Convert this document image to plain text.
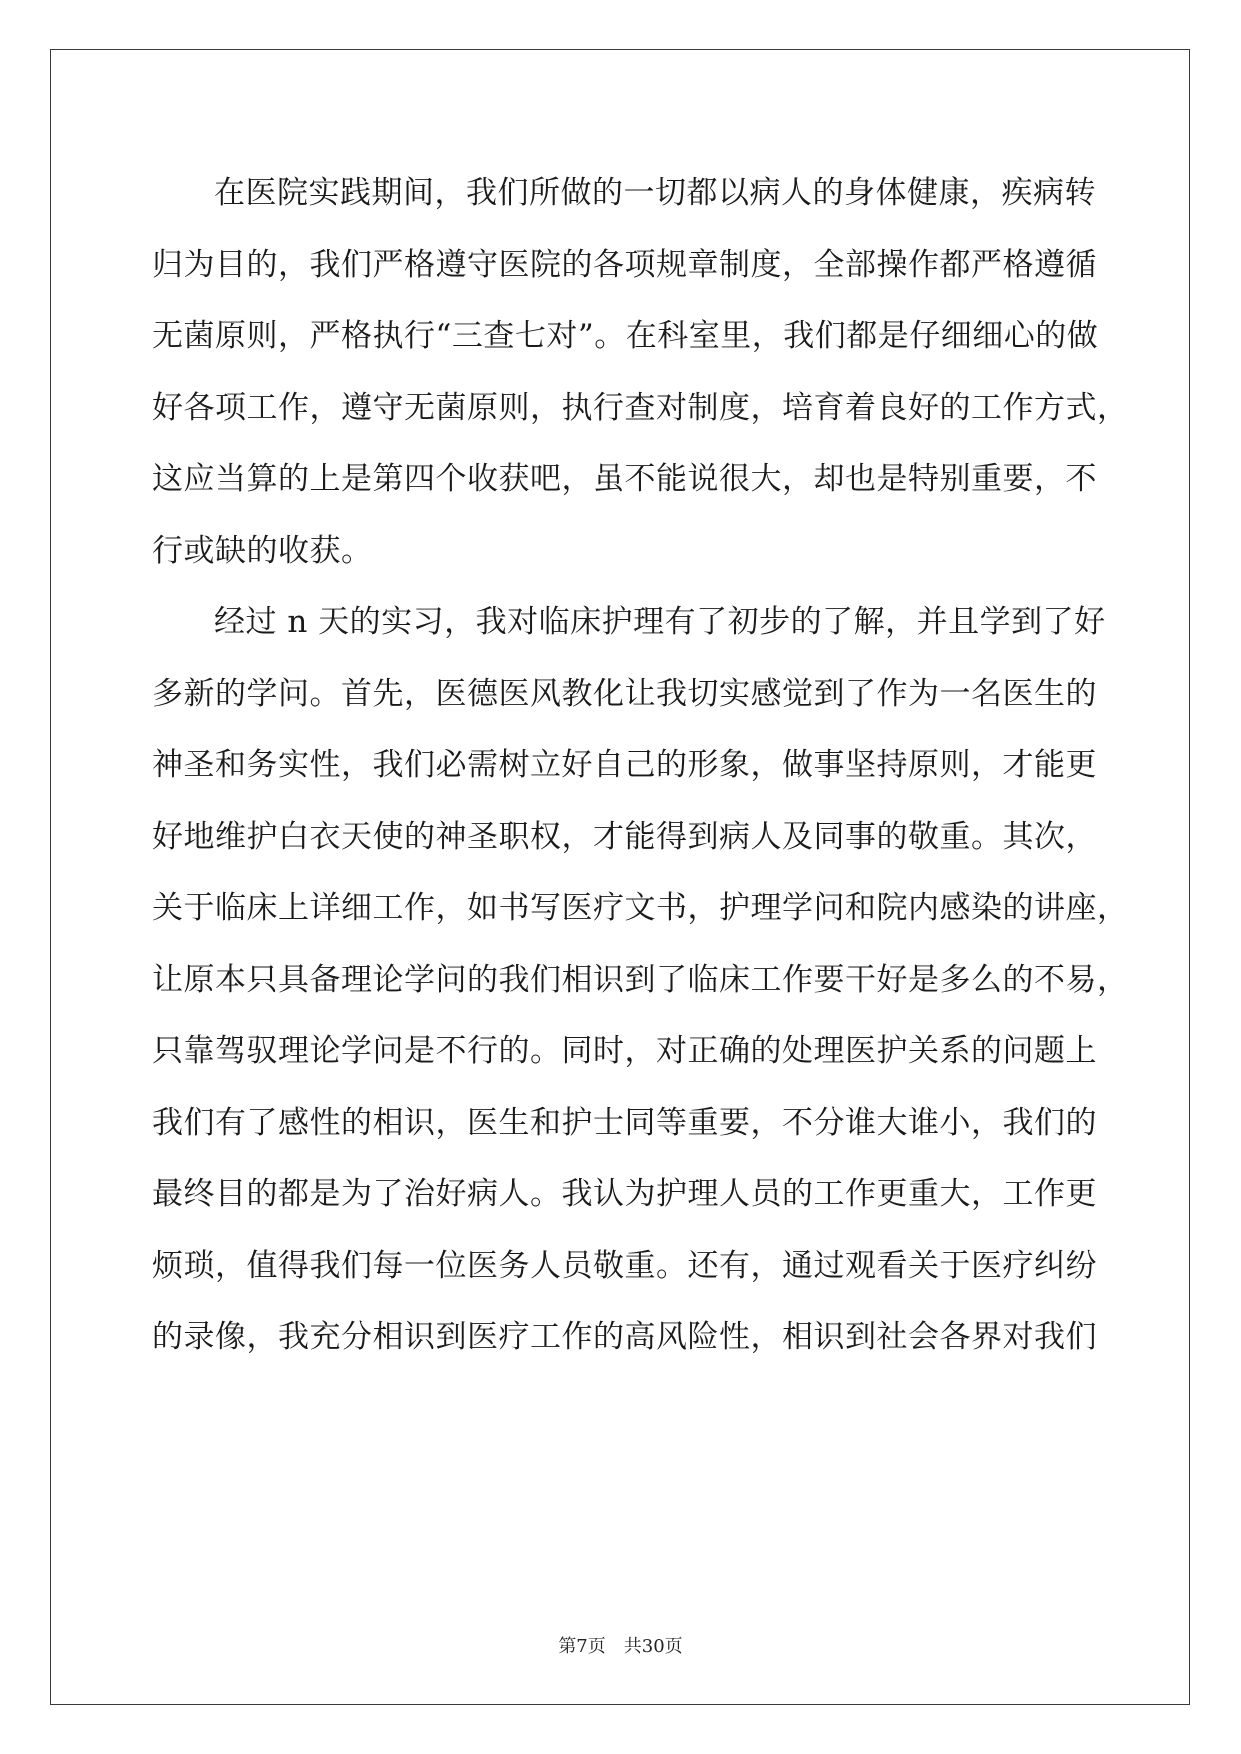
在医院实践期间，我们所做的一切都以病人的身体健康，疾病转
归为目的，我们严格遵守医院的各项规章制度，全部操作都严格遵循
无菌原则，严格执行“三查七对”。在科室里，我们都是仔细细心的做
好各项工作，遵守无菌原则，执行查对制度，培育着良好的工作方式，
这应当算的上是第四个收获吧，虽不能说很大，却也是特别重要，不
行或缺的收获。
经过 n 天的实习，我对临床护理有了初步的了解，并且学到了好
多新的学问。首先，医德医风教化让我切实感觉到了作为一名医生的
神圣和务实性，我们必需树立好自己的形象，做事坚持原则，才能更
好地维护白衣天使的神圣职权，才能得到病人及同事的敬重。其次，
关于临床上详细工作，如书写医疗文书，护理学问和院内感染的讲座，
让原本只具备理论学问的我们相识到了临床工作要干好是多么的不易，
只靠驾驭理论学问是不行的。同时，对正确的处理医护关系的问题上
我们有了感性的相识，医生和护士同等重要，不分谁大谁小，我们的
最终目的都是为了治好病人。我认为护理人员的工作更重大，工作更
烦琐，值得我们每一位医务人员敬重。还有，通过观看关于医疗纠纷
的录像，我充分相识到医疗工作的高风险性，相识到社会各界对我们
第7页 共30页
